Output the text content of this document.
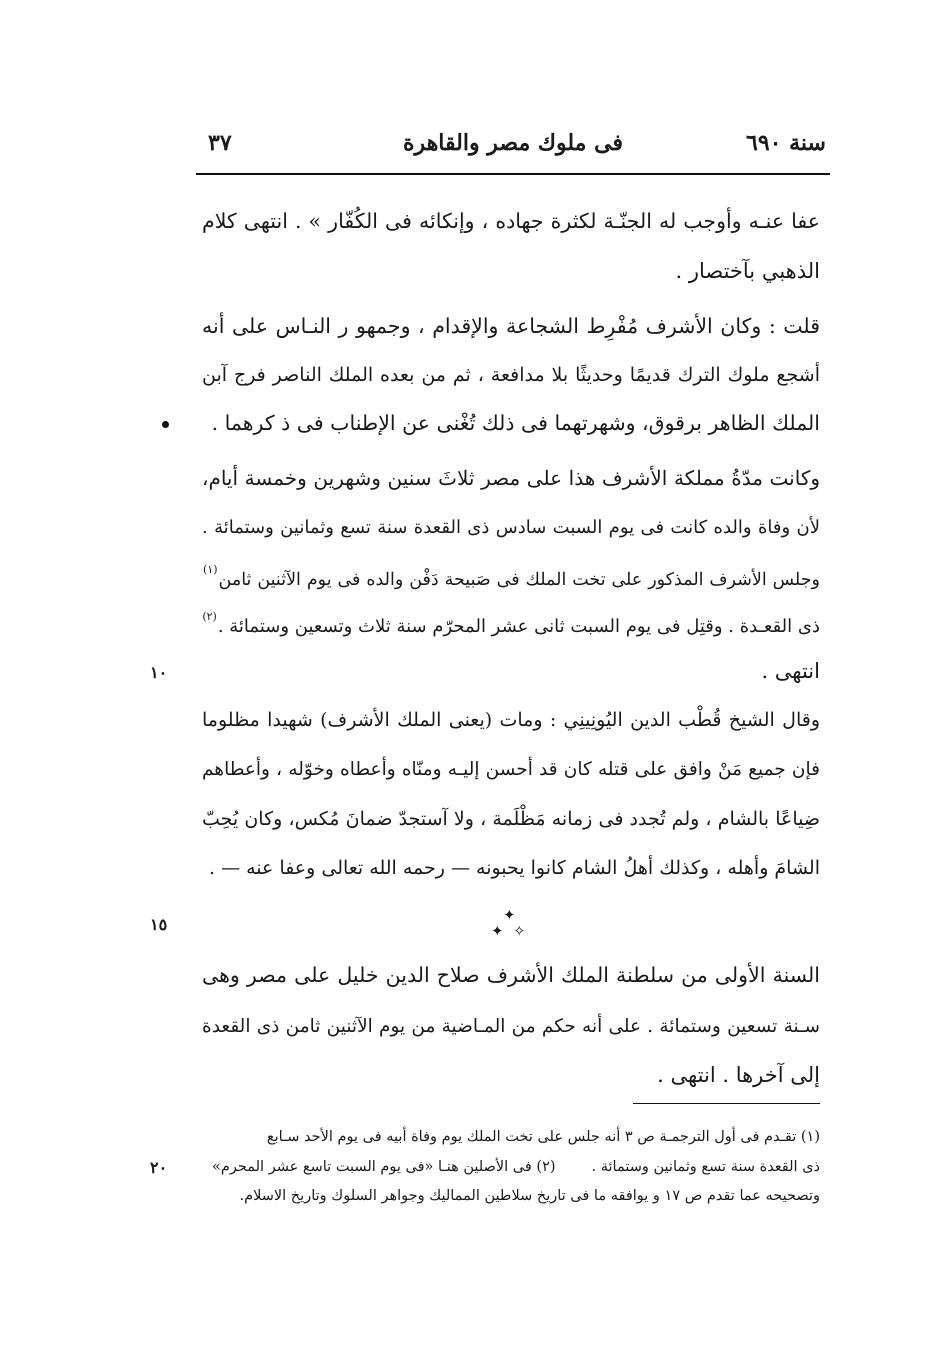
سنة ٦٩٠
فى ملوك مصر والقاهرة
٣٧
عفا عنـه وأوجب له الجنّـة لكثرة جهاده ، وإنكائه فى الكُفّار » . انتهى كلام
الذهبي بآختصار .
قلت : وكان الأشرف مُفْرِط الشجاعة والإقدام ، وجمهو ر النـاس على أنه
أشجع ملوك الترك قديمًا وحديثًا بلا مدافعة ، ثم من بعده الملك الناصر فرج آبن
الملك الظاهر برقوق، وشهرتهما فى ذلك تُغْنى عن الإطناب فى ذ كرهما .
وكانت مدّةُ مملكة الأشرف هذا على مصر ثلاثَ سنين وشهرين وخمسة أيام،
لأن وفاة والده كانت فى يوم السبت سادس ذى القعدة سنة تسع وثمانين وستمائة .
وجلس الأشرف المذكور على تخت الملك فى صَبيحة دَفْن والده فى يوم الآثنين ثامن$^{(١)}$
ذى القعـدة . وقتِل فى يوم السبت ثانى عشر المحرّم سنة ثلاث وتسعين وستمائة .$^{(٢)}$
انتهى .
وقال الشيخ قُطْب الدين اليُونِينِي : ومات (يعنى الملك الأشرف) شهيدا مظلوما
فإن جميع مَنْ وافق على قتله كان قد أحسن إليـه ومنّاه وأعطاه وخوّله ، وأعطاهم
ضِياعًا بالشام ، ولم تُجدد فى زمانه مَظْلَمة ، ولا آستجدّ ضمانَ مُكس، وكان يُحِبّ
الشامَ وأهله ، وكذلك أهلُ الشام كانوا يحبونه — رحمه الله تعالى وعفا عنه — .
السنة الأولى من سلطنة الملك الأشرف صلاح الدين خليل على مصر وهى
سـنة تسعين وستمائة . على أنه حكم من المـاضية من يوم الآثنين ثامن ذى القعدة
إلى آخرها . انتهى .
١٠
١٥
٢٠
✦
✦ ✧
(١) تقـدم فى أول الترجمـة ص ٣ أنه جلس على تخت الملك يوم وفاة أبيه فى يوم الأحد سـابع
ذى القعدة سنة تسع وثمانين وستمائة .(٢) فى الأصلين هنـا «فى يوم السبت تاسع عشر المحرم»
وتصحيحه عما تقدم ص ١٧ و يوافقه ما فى تاريخ سلاطين المماليك وجواهر السلوك وتاريخ الاسلام.
